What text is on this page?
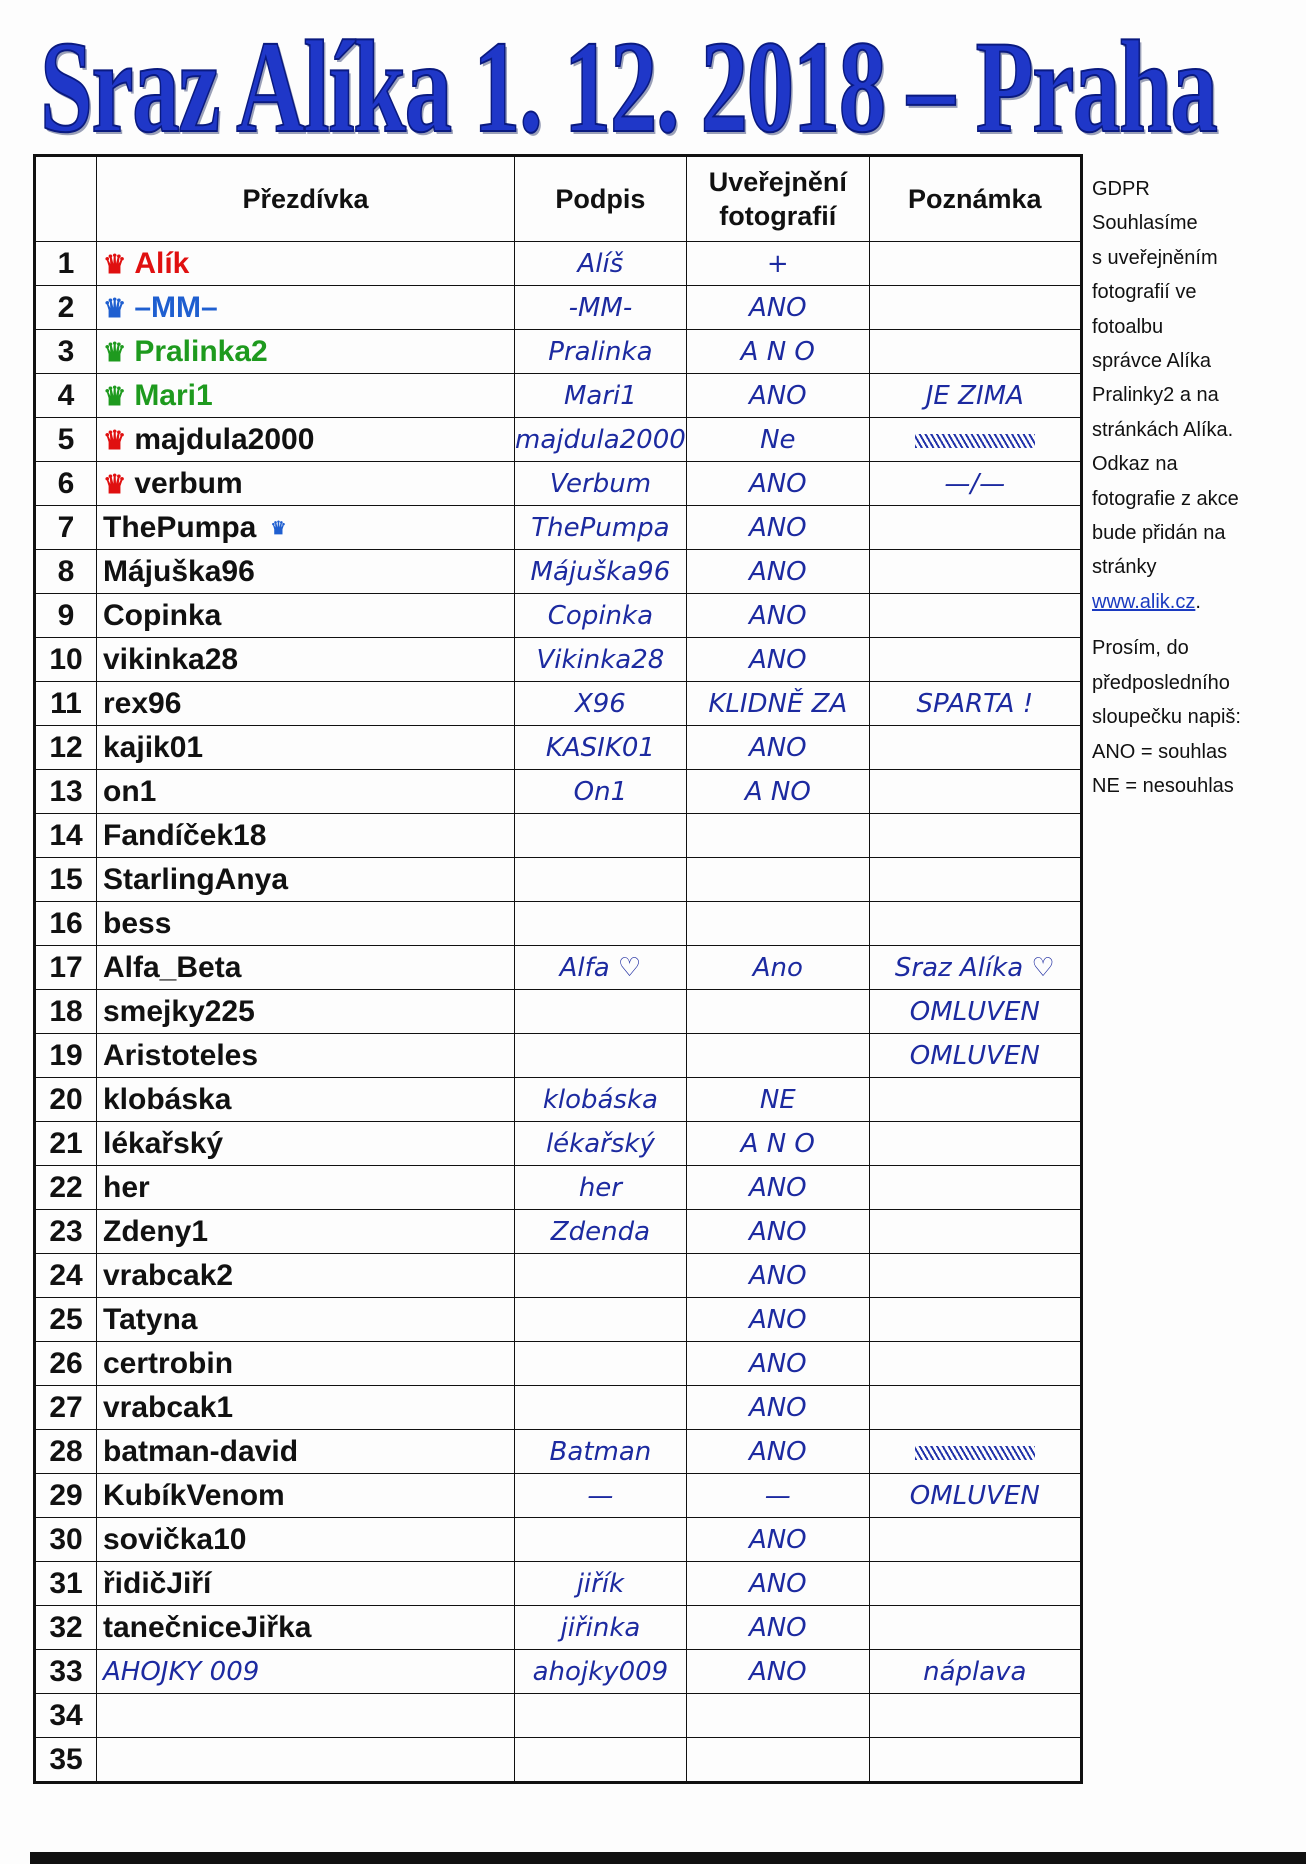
Sraz Alíka 1. 12. 2018 – Praha
	Přezdívka	Podpis	Uveřejnění
fotografií	Poznámka
1	♛ Alík	Alíš	+	
2	♛ –MM–	-MM-	ANO	
3	♛ Pralinka2	Pralinka	A N O	
4	♛ Mari1	Mari1	ANO	JE ZIMA
5	♛ majdula2000	majdula2000	Ne	
6	♛ verbum	Verbum	ANO	—/—
7	ThePumpa♛	ThePumpa	ANO	
8	Májuška96	Májuška96	ANO	
9	Copinka	Copinka	ANO	
10	vikinka28	Vikinka28	ANO	
11	rex96	X96	KLIDNĚ ZA	SPARTA !
12	kajik01	KASIK01	ANO	
13	on1	On1	A NO	
14	Fandíček18			
15	StarlingAnya			
16	bess			
17	Alfa_Beta	Alfa ♡	Ano	Sraz Alíka ♡
18	smejky225			OMLUVEN
19	Aristoteles			OMLUVEN
20	klobáska	klobáska	NE	
21	lékařský	lékařský	A N O	
22	her	her	ANO	
23	Zdeny1	Zdenda	ANO	
24	vrabcak2		ANO	
25	Tatyna		ANO	
26	certrobin		ANO	
27	vrabcak1		ANO	
28	batman-david	Batman	ANO	
29	KubíkVenom	—	—	OMLUVEN
30	sovička10		ANO	
31	řidičJiří	jiřík	ANO	
32	tanečniceJiřka	jiřinka	ANO	
33	AHOJKY 009	ahojky009	ANO	náplava
34				
35				
GDPR
Souhlasíme
s uveřejněním
fotografií ve
fotoalbu
správce Alíka
Pralinky2 a na
stránkách Alíka.
Odkaz na
fotografie z akce
bude přidán na
stránky
www.alik.cz.
Prosím, do
předposledního
sloupečku napiš:
ANO = souhlas
NE = nesouhlas
